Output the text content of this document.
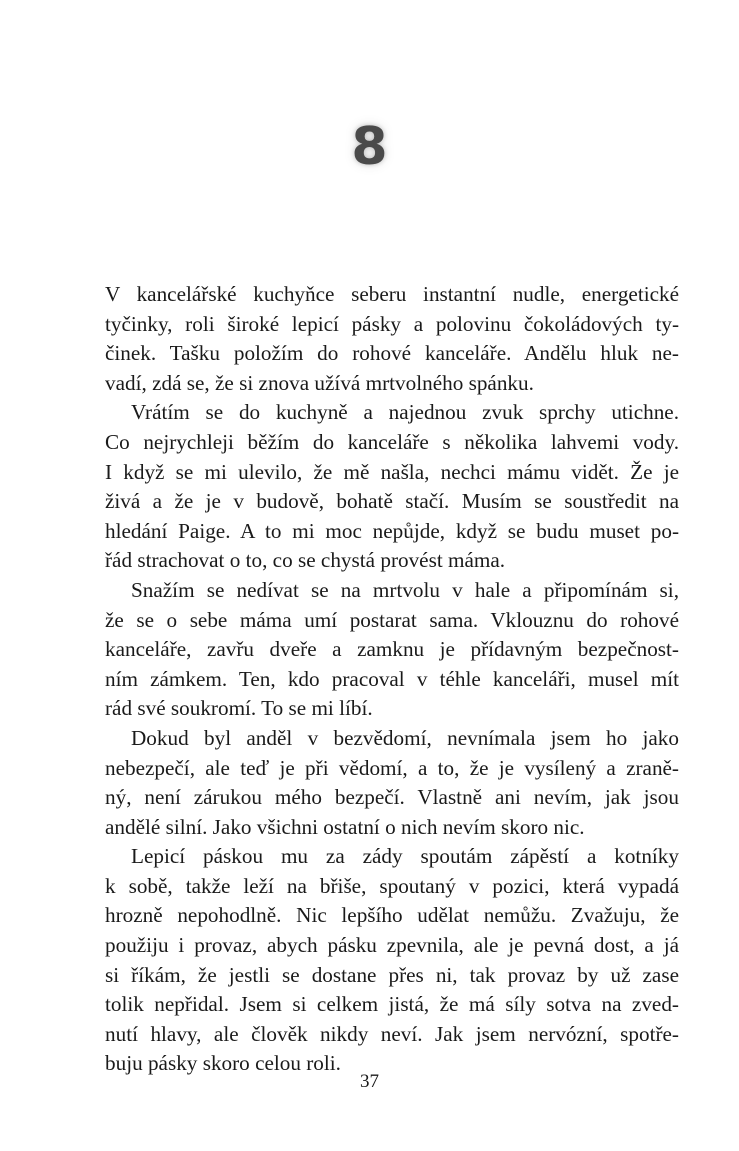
8
V kancelářské kuchyňce seberu instantní nudle, energetické
tyčinky, roli široké lepicí pásky a polovinu čokoládových ty-
činek. Tašku položím do rohové kanceláře. Andělu hluk ne-
vadí, zdá se, že si znova užívá mrtvolného spánku.
Vrátím se do kuchyně a najednou zvuk sprchy utichne.
Co nejrychleji běžím do kanceláře s několika lahvemi vody.
I když se mi ulevilo, že mě našla, nechci mámu vidět. Že je
živá a že je v budově, bohatě stačí. Musím se soustředit na
hledání Paige. A to mi moc nepůjde, když se budu muset po-
řád strachovat o to, co se chystá provést máma.
Snažím se nedívat se na mrtvolu v hale a připomínám si,
že se o sebe máma umí postarat sama. Vklouznu do rohové
kanceláře, zavřu dveře a zamknu je přídavným bezpečnost-
ním zámkem. Ten, kdo pracoval v téhle kanceláři, musel mít
rád své soukromí. To se mi líbí.
Dokud byl anděl v bezvědomí, nevnímala jsem ho jako
nebezpečí, ale teď je při vědomí, a to, že je vysílený a zraně-
ný, není zárukou mého bezpečí. Vlastně ani nevím, jak jsou
andělé silní. Jako všichni ostatní o nich nevím skoro nic.
Lepicí páskou mu za zády spoutám zápěstí a kotníky
k sobě, takže leží na břiše, spoutaný v pozici, která vypadá
hrozně nepohodlně. Nic lepšího udělat nemůžu. Zvažuju, že
použiju i provaz, abych pásku zpevnila, ale je pevná dost, a já
si říkám, že jestli se dostane přes ni, tak provaz by už zase
tolik nepřidal. Jsem si celkem jistá, že má síly sotva na zved-
nutí hlavy, ale člověk nikdy neví. Jak jsem nervózní, spotře-
buju pásky skoro celou roli.
37
